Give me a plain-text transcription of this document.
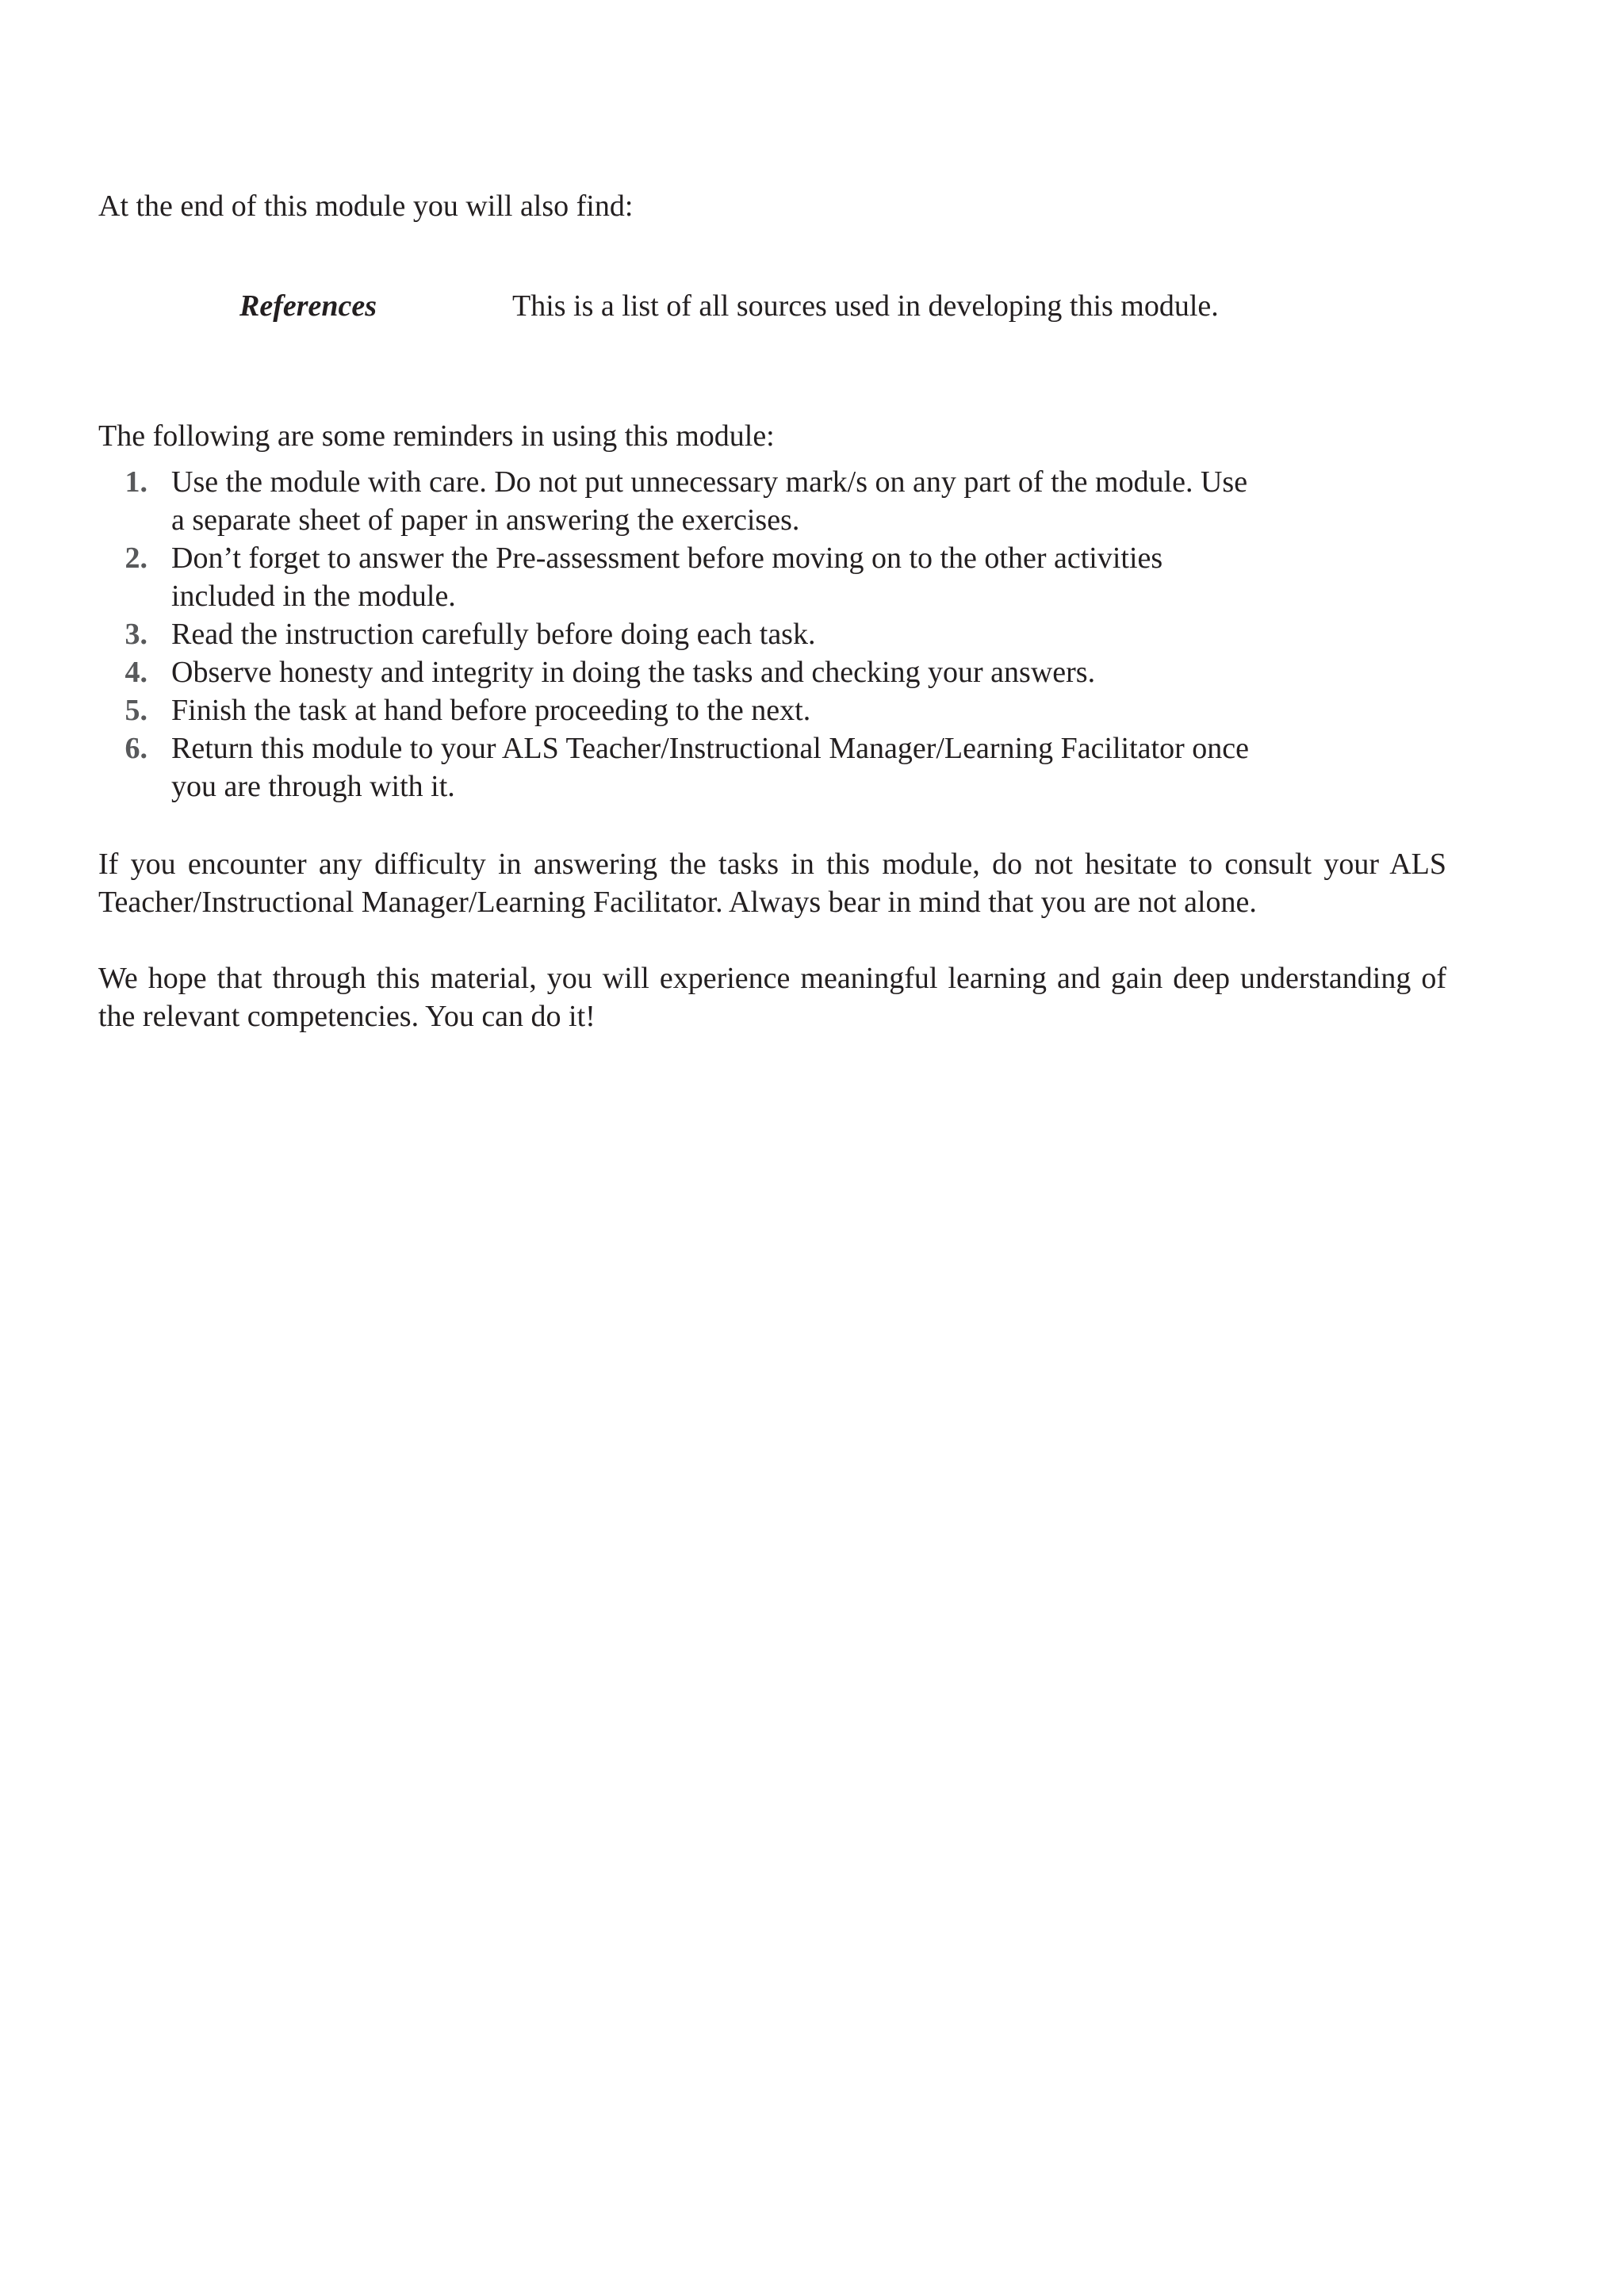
At the end of this module you will also find:

References	This is a list of all sources used in developing this module.

The following are some reminders in using this module:

1. Use the module with care. Do not put unnecessary mark/s on any part of the module. Use a separate sheet of paper in answering the exercises.
2. Don’t forget to answer the Pre-assessment before moving on to the other activities included in the module.
3. Read the instruction carefully before doing each task.
4. Observe honesty and integrity in doing the tasks and checking your answers.
5. Finish the task at hand before proceeding to the next.
6. Return this module to your ALS Teacher/Instructional Manager/Learning Facilitator once you are through with it.

If you encounter any difficulty in answering the tasks in this module, do not hesitate to consult your ALS Teacher/Instructional Manager/Learning Facilitator. Always bear in mind that you are not alone.

We hope that through this material, you will experience meaningful learning and gain deep understanding of the relevant competencies. You can do it!
